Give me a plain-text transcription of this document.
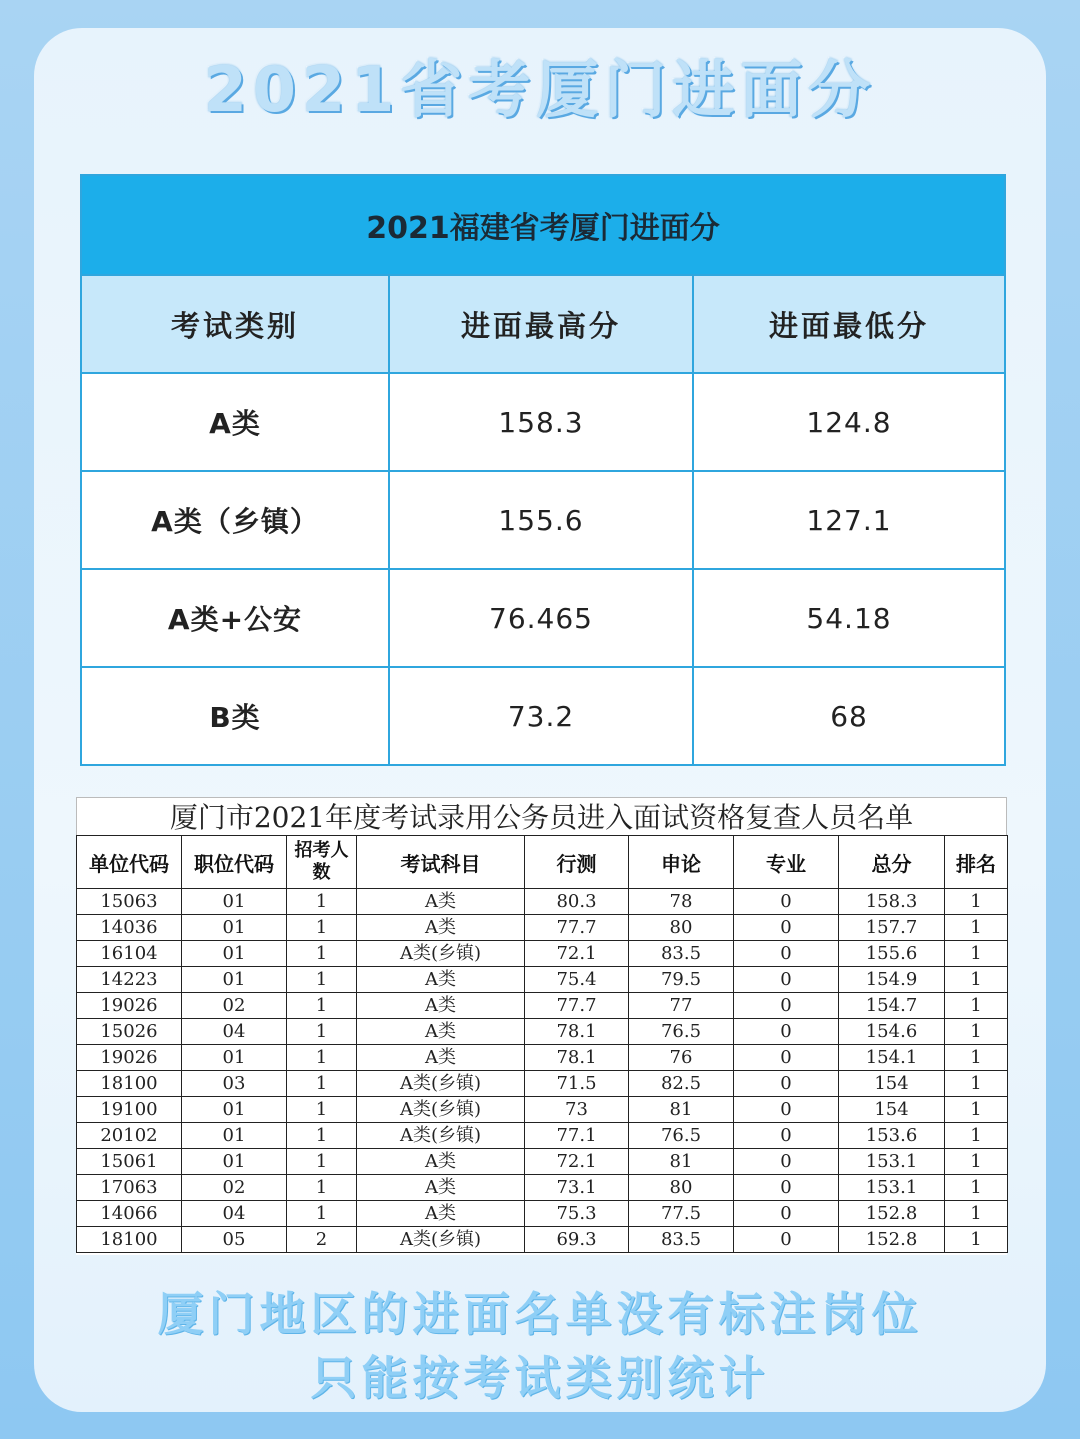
2021省考厦门进面分
2021福建省考厦门进面分		
考试类别	进面最高分	进面最低分
A类	158.3	124.8
A类（乡镇）	155.6	127.1
A类+公安	76.465	54.18
B类	73.2	68
厦门市2021年度考试录用公务员进入面试资格复查人员名单
单位代码	职位代码	招考人数	考试科目	行测	申论	专业	总分	排名
15063	01	1	A类	80.3	78	0	158.3	1
14036	01	1	A类	77.7	80	0	157.7	1
16104	01	1	A类(乡镇)	72.1	83.5	0	155.6	1
14223	01	1	A类	75.4	79.5	0	154.9	1
19026	02	1	A类	77.7	77	0	154.7	1
15026	04	1	A类	78.1	76.5	0	154.6	1
19026	01	1	A类	78.1	76	0	154.1	1
18100	03	1	A类(乡镇)	71.5	82.5	0	154	1
19100	01	1	A类(乡镇)	73	81	0	154	1
20102	01	1	A类(乡镇)	77.1	76.5	0	153.6	1
15061	01	1	A类	72.1	81	0	153.1	1
17063	02	1	A类	73.1	80	0	153.1	1
14066	04	1	A类	75.3	77.5	0	152.8	1
18100	05	2	A类(乡镇)	69.3	83.5	0	152.8	1
厦门地区的进面名单没有标注岗位
只能按考试类别统计
